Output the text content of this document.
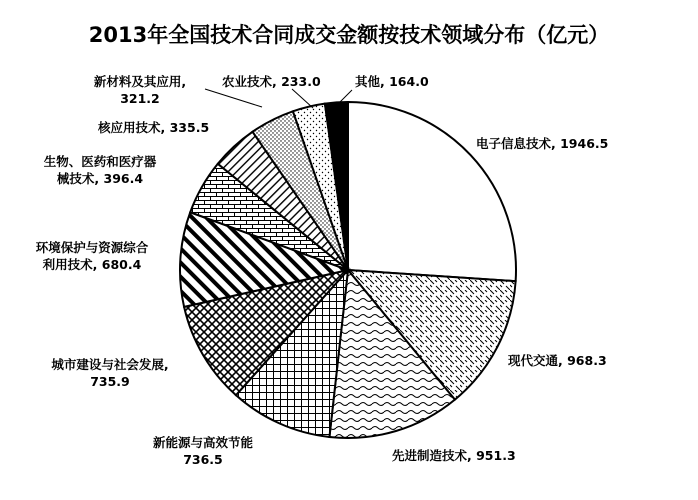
2013年全国技术合同成交金额按技术领域分布（亿元）
电子信息技术, 1946.5
现代交通, 968.3
先进制造技术, 951.3
新能源与高效节能 736.5
城市建设与社会发展, 735.9
环境保护与资源综合利用技术, 680.4
生物、医药和医疗器械技术, 396.4
核应用技术, 335.5
新材料及其应用, 321.2
农业技术, 233.0	其他, 164.0
